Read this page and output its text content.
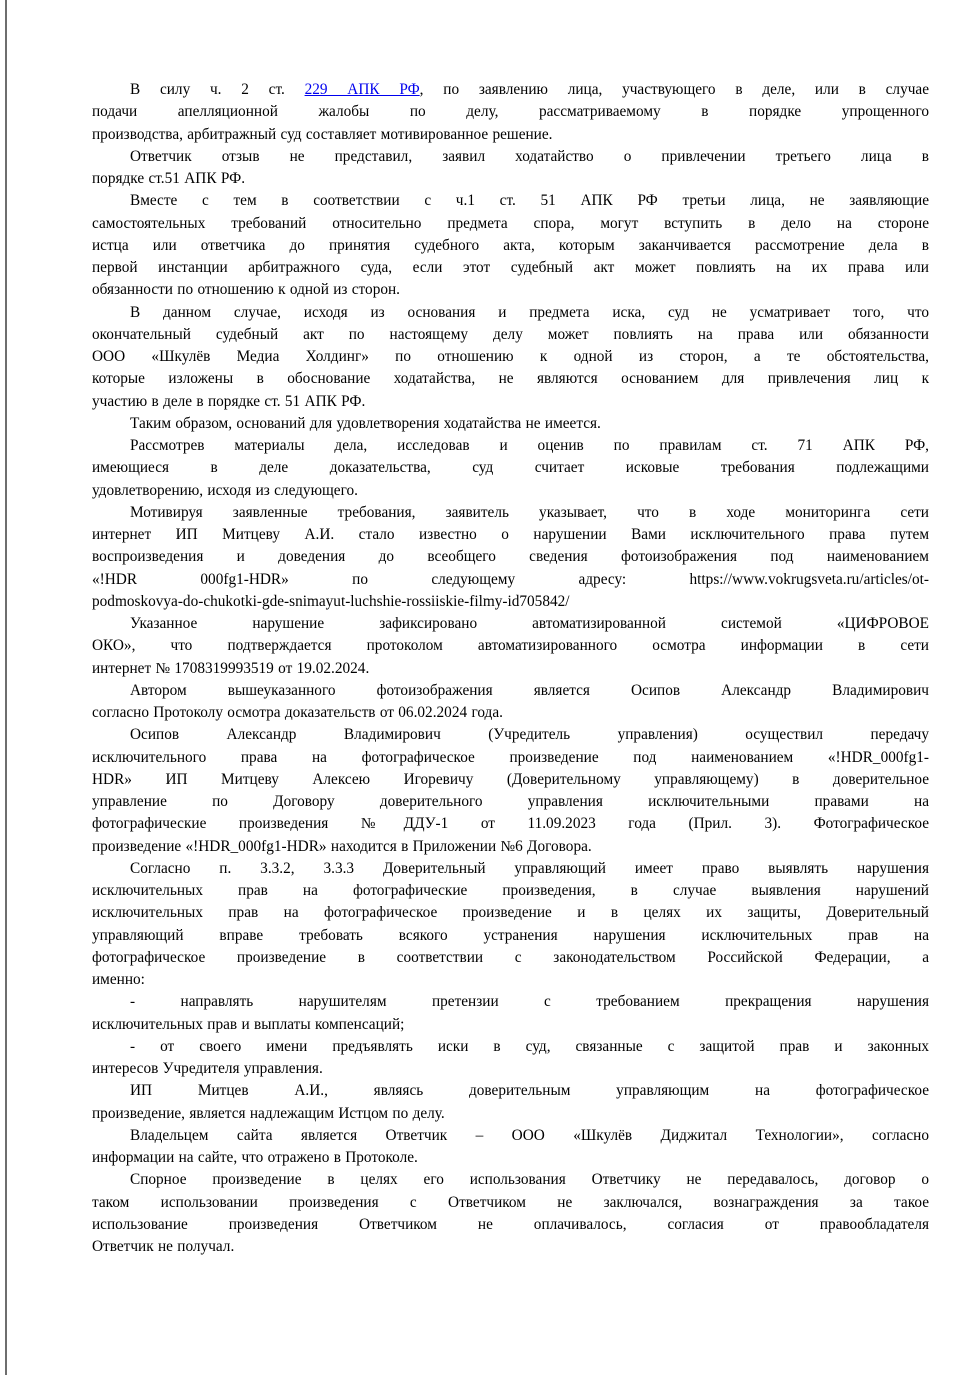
В силу ч. 2 ст. 229 АПК РФ, по заявлению лица, участвующего в деле, или в случае
подачи апелляционной жалобы по делу, рассматриваемому в порядке упрощенного
производства, арбитражный суд составляет мотивированное решение.
Ответчик отзыв не представил, заявил ходатайство о привлечении третьего лица в
порядке ст.51 АПК РФ.
Вместе с тем в соответствии с ч.1 ст. 51 АПК РФ третьи лица, не заявляющие
самостоятельных требований относительно предмета спора, могут вступить в дело на стороне
истца или ответчика до принятия судебного акта, которым заканчивается рассмотрение дела в
первой инстанции арбитражного суда, если этот судебный акт может повлиять на их права или
обязанности по отношению к одной из сторон.
В данном случае, исходя из основания и предмета иска, суд не усматривает того, что
окончательный судебный акт по настоящему делу может повлиять на права или обязанности
ООО «Шкулёв Медиа Холдинг» по отношению к одной из сторон, а те обстоятельства,
которые изложены в обоснование ходатайства, не являются основанием для привлечения лиц к
участию в деле в порядке ст. 51 АПК РФ.
Таким образом, оснований для удовлетворения ходатайства не имеется.
Рассмотрев материалы дела, исследовав и оценив по правилам ст. 71 АПК РФ,
имеющиеся в деле доказательства, суд считает исковые требования подлежащими
удовлетворению, исходя из следующего.
Мотивируя заявленные требования, заявитель указывает, что в ходе мониторинга сети
интернет ИП Митцеву А.И. стало известно о нарушении Вами исключительного права путем
воспроизведения и доведения до всеобщего сведения фотоизображения под наименованием
«!HDR 000fg1-HDR» по следующему адресу: https://www.vokrugsveta.ru/articles/ot-
podmoskovya-do-chukotki-gde-snimayut-luchshie-rossiiskie-filmy-id705842/
Указанное нарушение зафиксировано автоматизированной системой «ЦИФРОВОЕ
ОКО», что подтверждается протоколом автоматизированного осмотра информации в сети
интернет № 1708319993519 от 19.02.2024.
Автором вышеуказанного фотоизображения является Осипов Александр Владимирович
согласно Протоколу осмотра доказательств от 06.02.2024 года.
Осипов Александр Владимирович (Учредитель управления) осуществил передачу
исключительного права на фотографическое произведение под наименованием «!HDR_000fg1-
HDR» ИП Митцеву Алексею Игоревичу (Доверительному управляющему) в доверительное
управление по Договору доверительного управления исключительными правами на
фотографические произведения №ДДУ-1 от 11.09.2023 года (Прил. 3). Фотографическое
произведение «!HDR_000fg1-HDR» находится в Приложении №6 Договора.
Согласно п. 3.3.2, 3.3.3 Доверительный управляющий имеет право выявлять нарушения
исключительных прав на фотографические произведения, в случае выявления нарушений
исключительных прав на фотографическое произведение и в целях их защиты, Доверительный
управляющий вправе требовать всякого устранения нарушения исключительных прав на
фотографическое произведение в соответствии с законодательством Российской Федерации, а
именно:
- направлять нарушителям претензии с требованием прекращения нарушения
исключительных прав и выплаты компенсаций;
- от своего имени предъявлять иски в суд, связанные с защитой прав и законных
интересов Учредителя управления.
ИП Митцев А.И., являясь доверительным управляющим на фотографическое
произведение, является надлежащим Истцом по делу.
Владельцем сайта является Ответчик – ООО «Шкулёв Диджитал Технологии», согласно
информации на сайте, что отражено в Протоколе.
Спорное произведение в целях его использования Ответчику не передавалось, договор о
таком использовании произведения с Ответчиком не заключался, вознаграждения за такое
использование произведения Ответчиком не оплачивалось, согласия от правообладателя
Ответчик не получал.
